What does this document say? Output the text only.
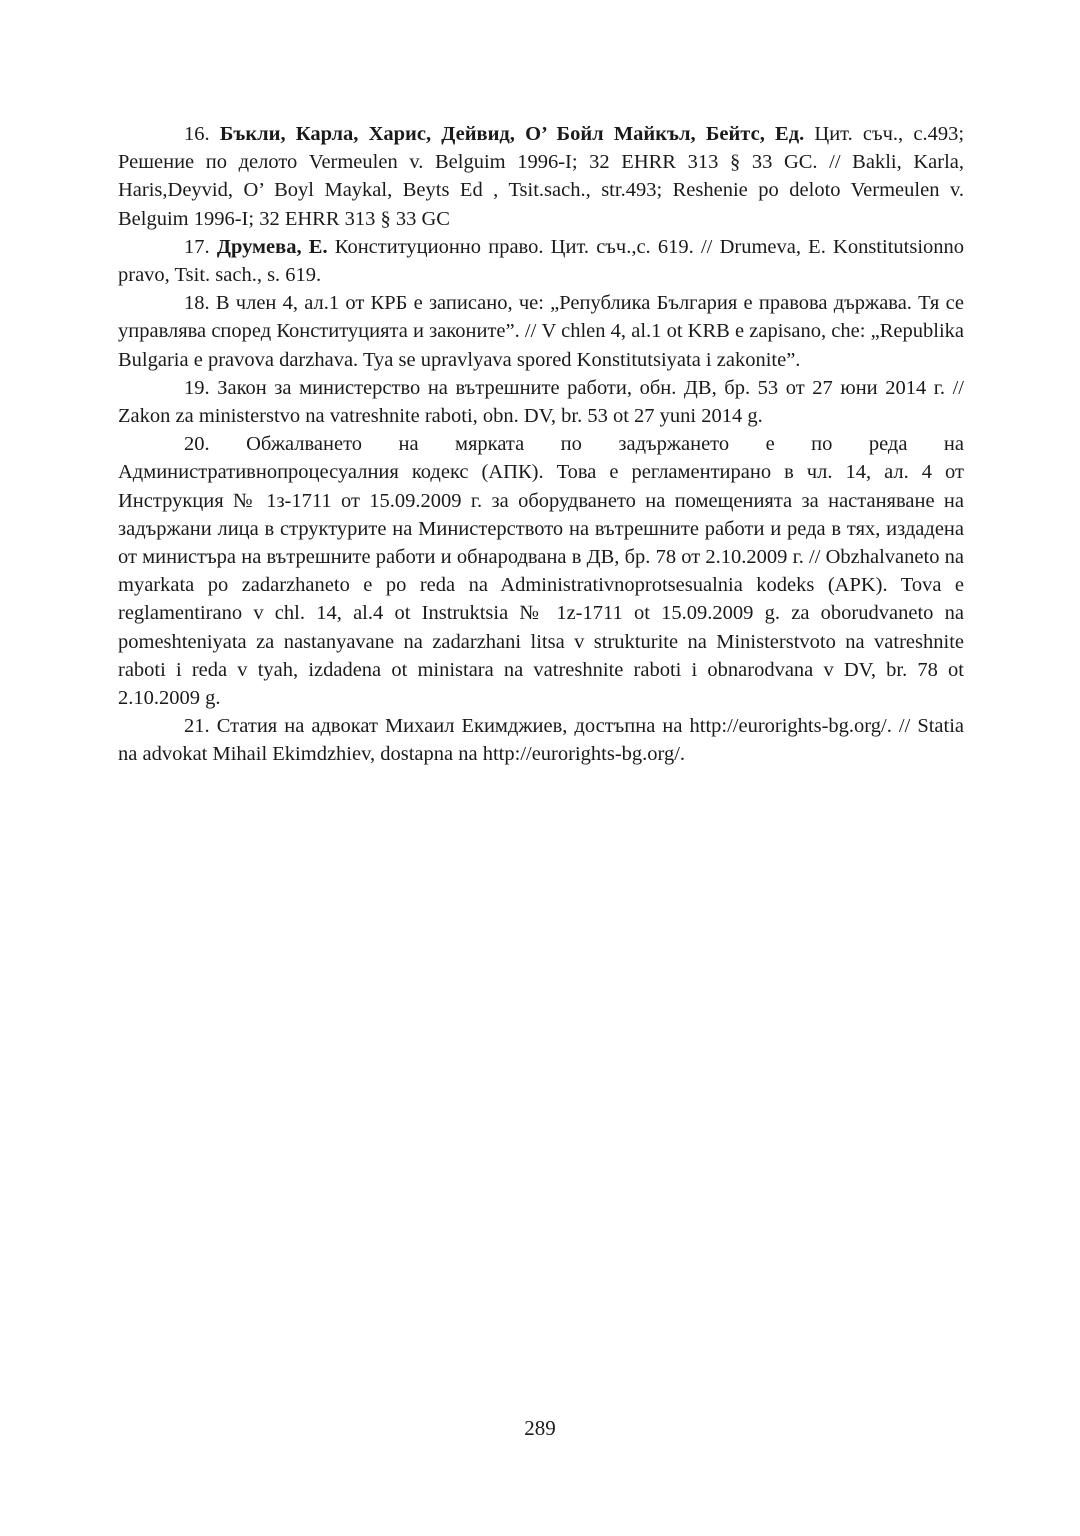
16. Бъкли, Карла, Харис, Дейвид, О’ Бойл Майкъл, Бейтс, Ед. Цит. съч., с.493; Решение по делото Vermeulen v. Belguim 1996-I; 32 EHRR 313 § 33 GC. // Bakli, Karla, Haris,Deyvid, O’ Boyl Maykal, Beyts Ed , Tsit.sach., str.493; Reshenie po deloto Vermeulen v. Belguim 1996-I; 32 EHRR 313 § 33 GC

17. Друмева, Е. Конституционно право. Цит. съч.,с. 619. // Drumeva, E. Konstitutsionno pravo, Tsit. sach., s. 619.

18. В член 4, ал.1 от КРБ е записано, че: „Република България е правова държава. Тя се управлява според Конституцията и законите”. // V chlen 4, al.1 ot KRB e zapisano, che: „Republika Bulgaria e pravova darzhava. Tya se upravlyava spored Konstitutsiyata i zakonite”.

19. Закон за министерство на вътрешните работи, обн. ДВ, бр. 53 от 27 юни 2014 г. // Zakon za ministerstvo na vatreshnite raboti, obn. DV, br. 53 ot 27 yuni 2014 g.

20. Обжалването на мярката по задържането е по реда на Административнопроцесуалния кодекс (АПК). Това е регламентирано в чл. 14, ал. 4 от Инструкция № 1з-1711 от 15.09.2009 г. за оборудването на помещенията за настаняване на задържани лица в структурите на Министерството на вътрешните работи и реда в тях, издадена от министъра на вътрешните работи и обнародвана в ДВ, бр. 78 от 2.10.2009 г. // Obzhalvaneto na myarkata po zadarzhaneto e po reda na Administrativnoprotsesualnia kodeks (APK). Tova e reglamentirano v chl. 14, al.4 ot Instruktsia № 1z-1711 ot 15.09.2009 g. za oborudvaneto na pomeshteniyata za nastanyavane na zadarzhani litsa v strukturite na Ministerstvoto na vatreshnite raboti i reda v tyah, izdadena ot ministara na vatreshnite raboti i obnarodvana v DV, br. 78 ot 2.10.2009 g.

21. Статия на адвокат Михаил Екимджиев, достъпна на http://eurorights-bg.org/. // Statia na advokat Mihail Ekimdzhiev, dostapna na http://eurorights-bg.org/.

289
